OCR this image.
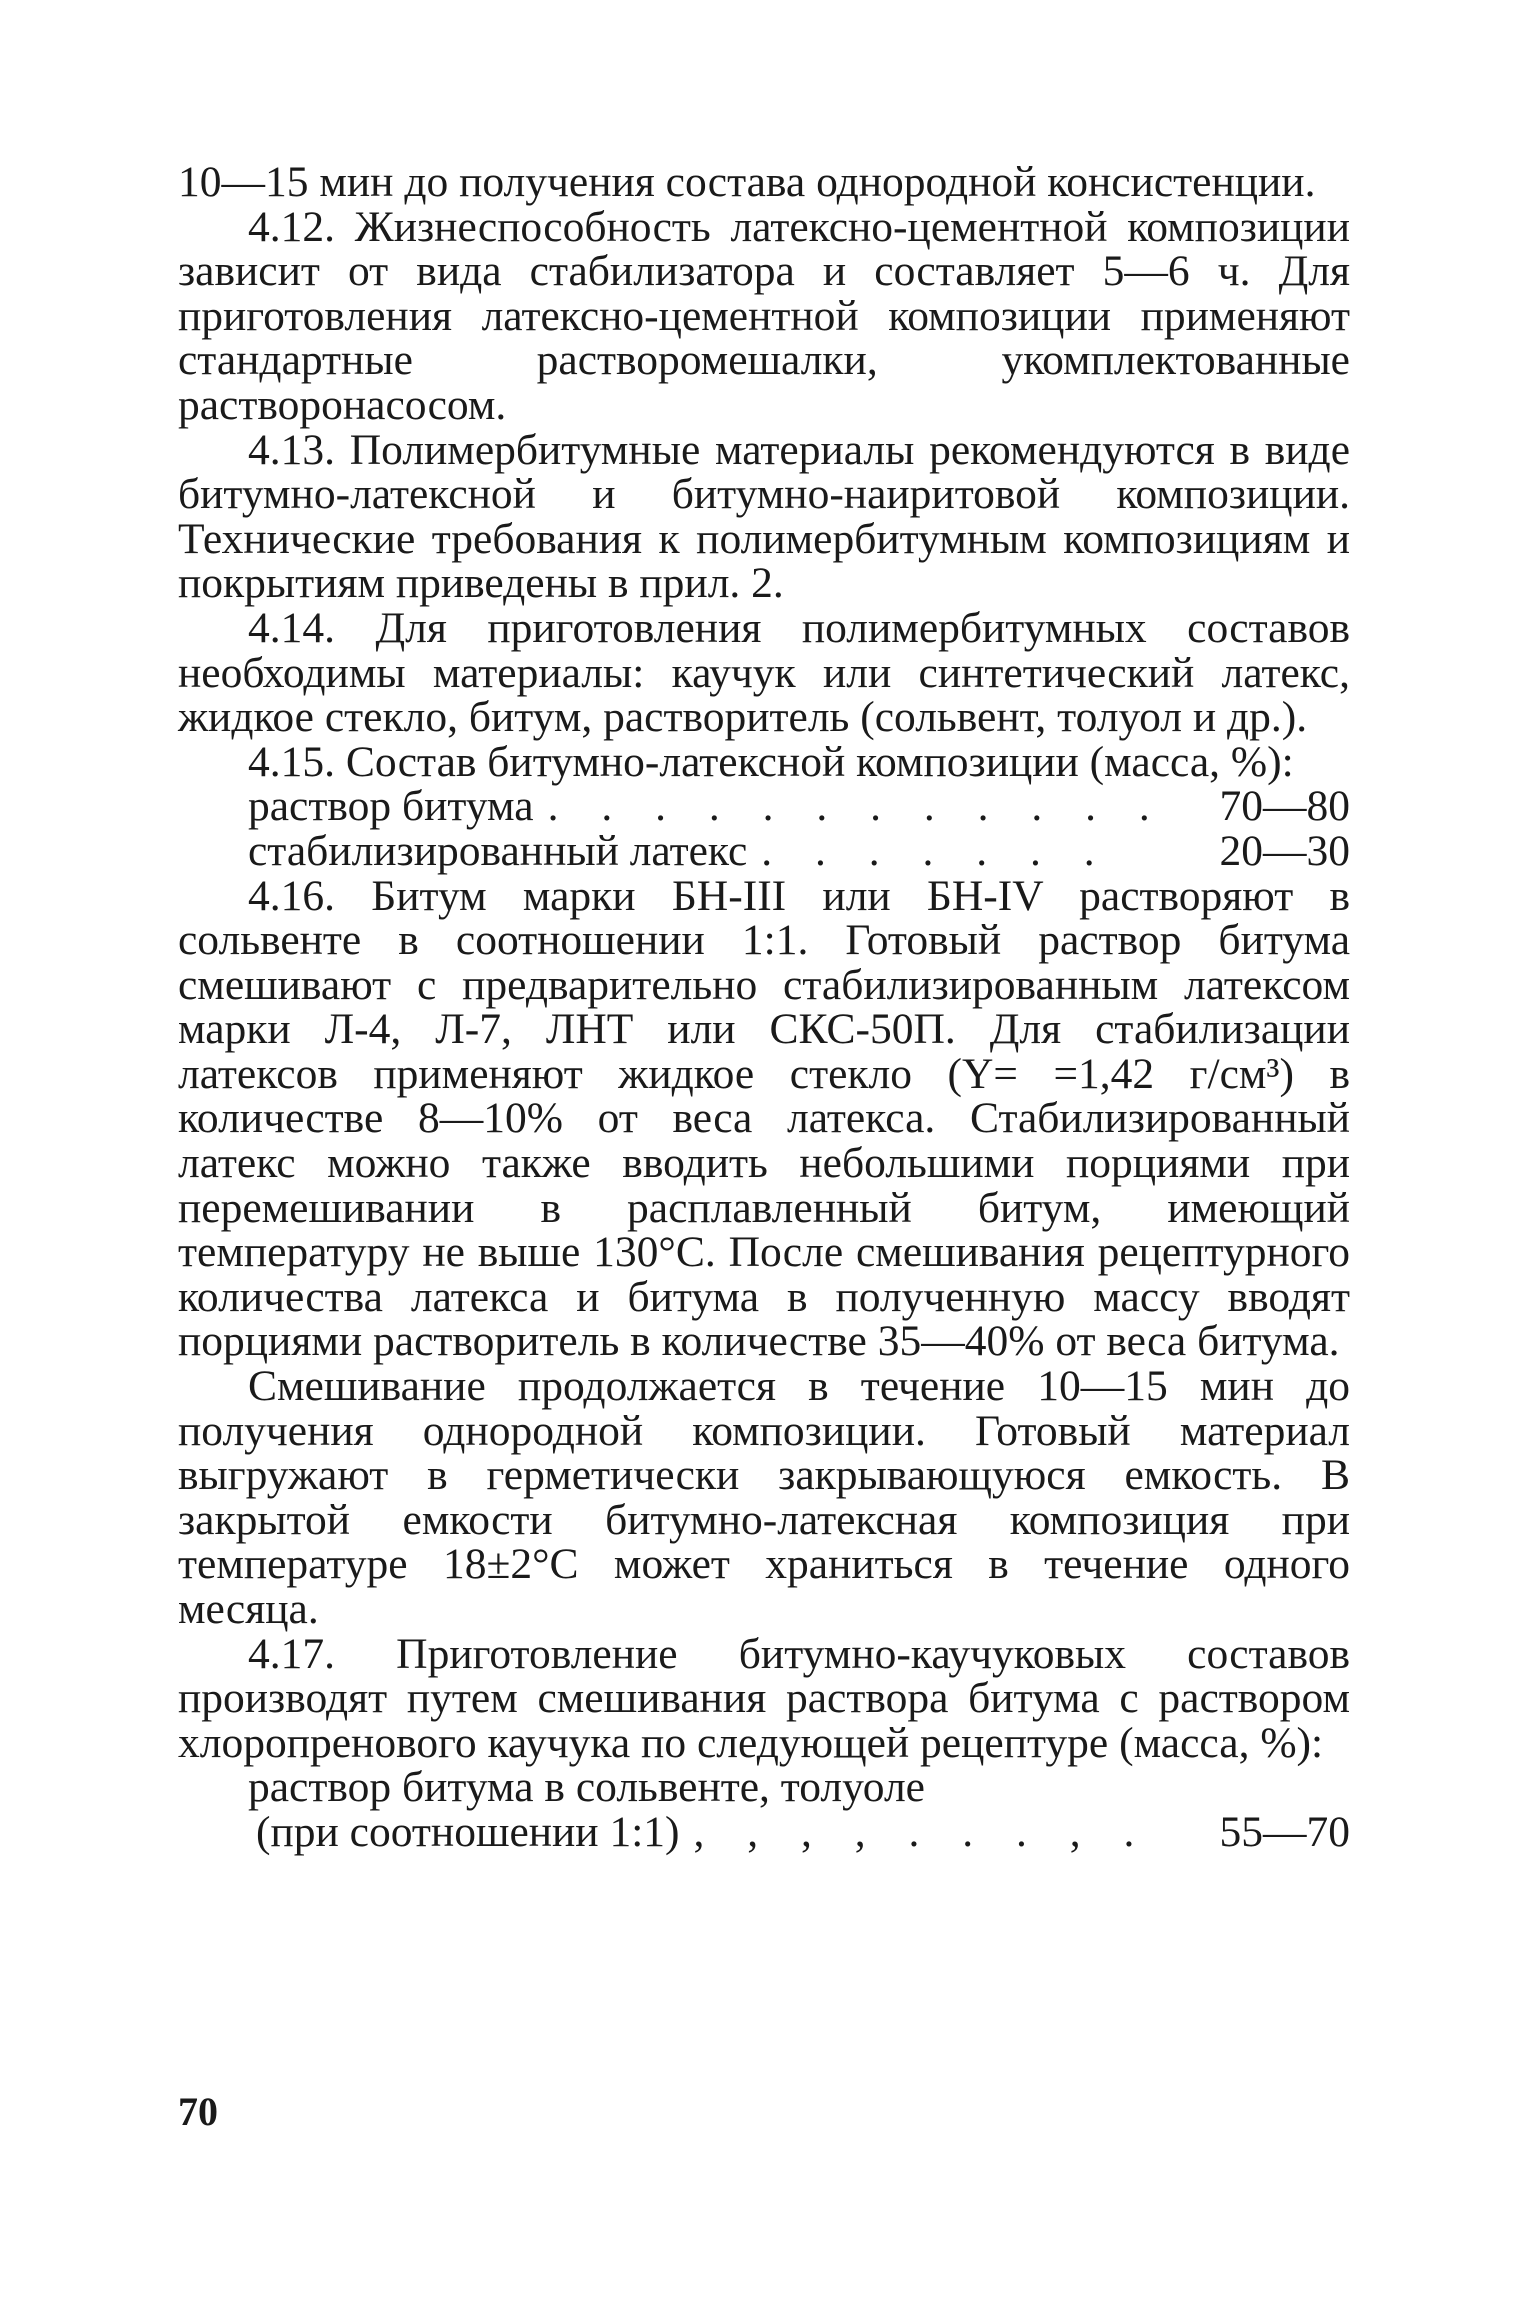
10—15 мин до получения состава однородной консистенции.

4.12. Жизнеспособность латексно-цементной композиции зависит от вида стабилизатора и составляет 5—6 ч. Для приготовления латексно-цементной композиции применяют стандартные растворомешалки, укомплектованные растворонасосом.

4.13. Полимербитумные материалы рекомендуются в виде битумно-латексной и битумно-наиритовой композиции. Технические требования к полимербитумным композициям и покрытиям приведены в прил. 2.

4.14. Для приготовления полимербитумных составов необходимы материалы: каучук или синтетический латекс, жидкое стекло, битум, растворитель (сольвент, толуол и др.).

4.15. Состав битумно-латексной композиции (масса, %):

раствор битума . . . . . . . . . . . .	70—80
стабилизированный латекс . . . . . . .	20—30

4.16. Битум марки БН-III или БН-IV растворяют в сольвенте в соотношении 1:1. Готовый раствор битума смешивают с предварительно стабилизированным латексом марки Л-4, Л-7, ЛНТ или СКС-50П. Для стабилизации латексов применяют жидкое стекло (Υ= =1,42 г/см³) в количестве 8—10% от веса латекса. Стабилизированный латекс можно также вводить небольшими порциями при перемешивании в расплавленный битум, имеющий температуру не выше 130°С. После смешивания рецептурного количества латекса и битума в полученную массу вводят порциями растворитель в количестве 35—40% от веса битума.

Смешивание продолжается в течение 10—15 мин до получения однородной композиции. Готовый материал выгружают в герметически закрывающуюся емкость. В закрытой емкости битумно-латексная композиция при температуре 18±2°С может храниться в течение одного месяца.

4.17. Приготовление битумно-каучуковых составов производят путем смешивания раствора битума с раствором хлоропренового каучука по следующей рецептуре (масса, %):

раствор битума в сольвенте, толуоле

(при соотношении 1:1) , , , , . . . , .	55—70
70
